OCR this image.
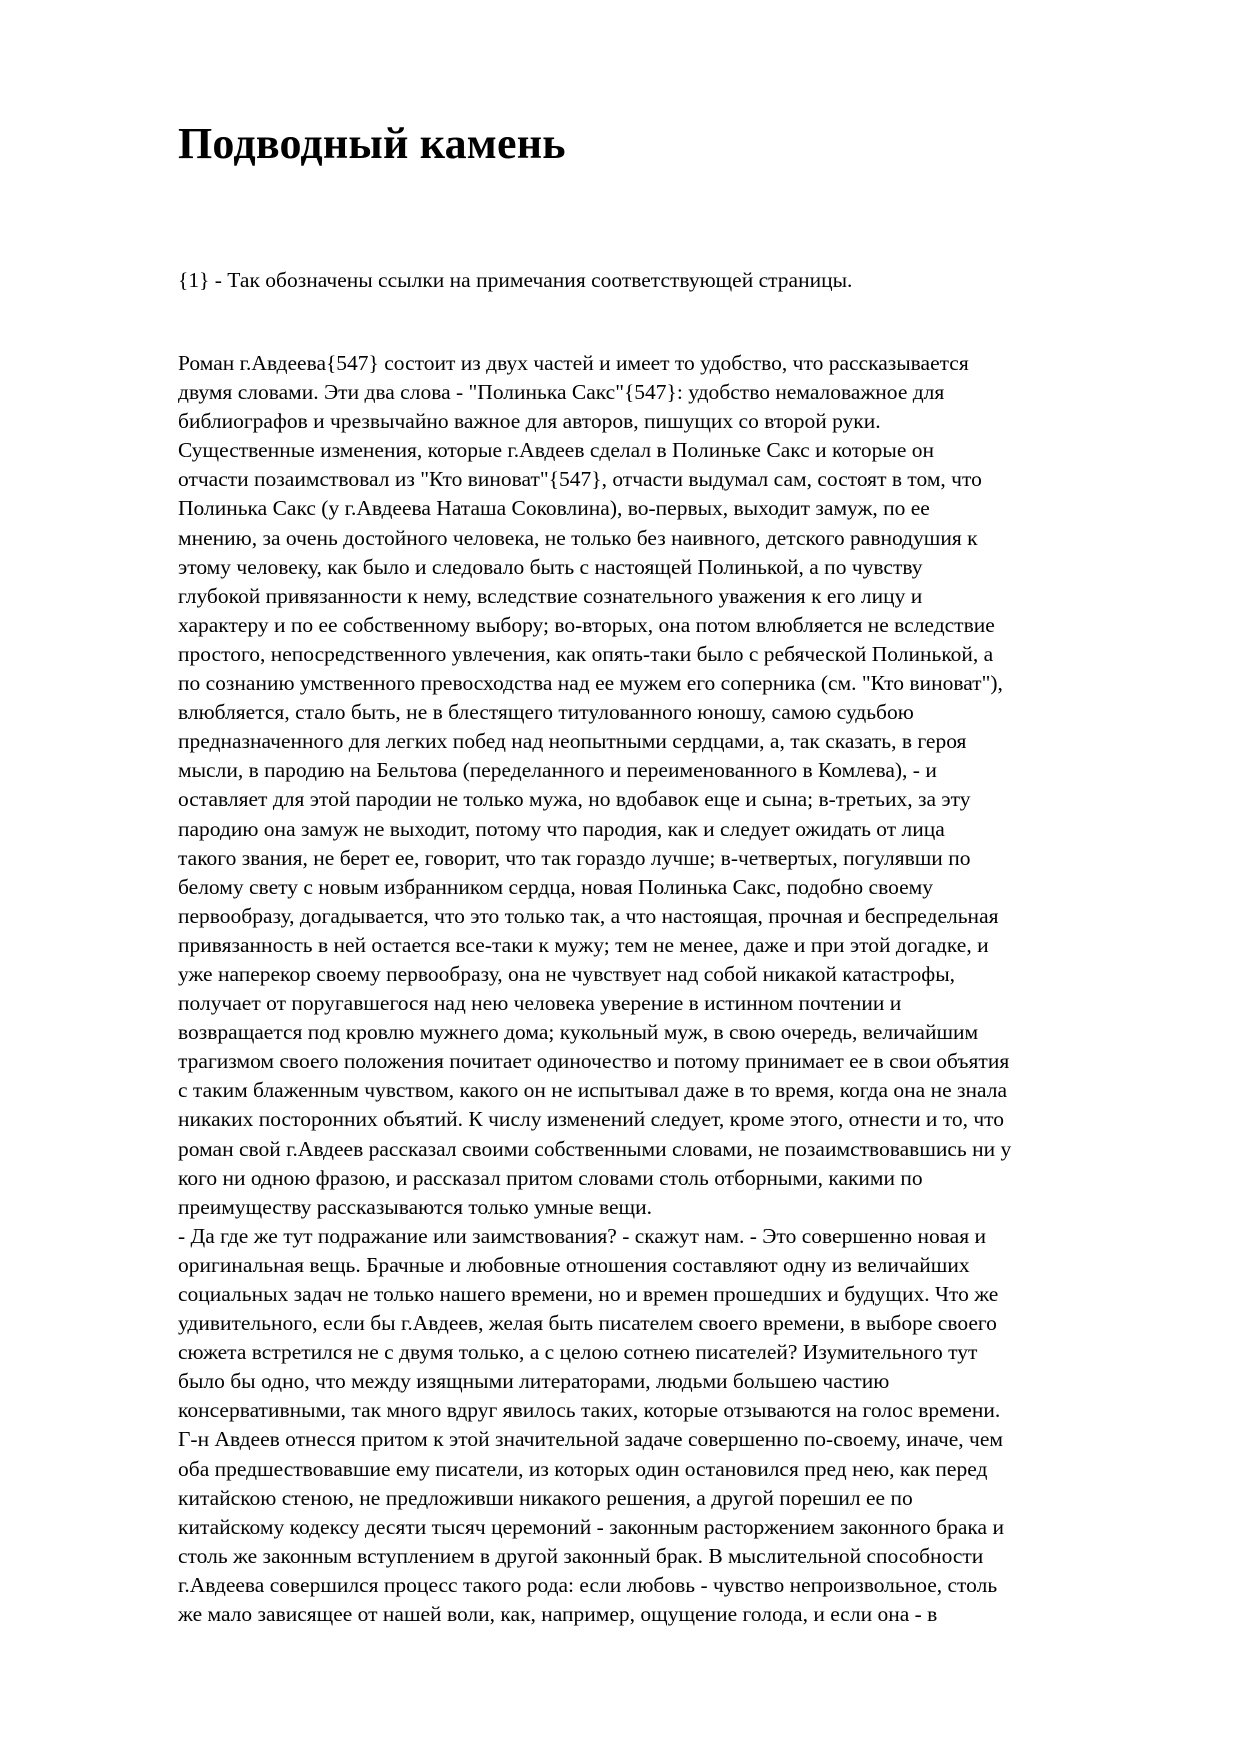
Подводный камень

{1} - Так обозначены ссылки на примечания соответствующей страницы.

Роман г.Авдеева{547} состоит из двух частей и имеет то удобство, что рассказывается
двумя словами. Эти два слова - "Полинька Сакс"{547}: удобство немаловажное для
библиографов и чрезвычайно важное для авторов, пишущих со второй руки.
Существенные изменения, которые г.Авдеев сделал в Полиньке Сакс и которые он
отчасти позаимствовал из "Кто виноват"{547}, отчасти выдумал сам, состоят в том, что
Полинька Сакс (у г.Авдеева Наташа Соковлина), во-первых, выходит замуж, по ее
мнению, за очень достойного человека, не только без наивного, детского равнодушия к
этому человеку, как было и следовало быть с настоящей Полинькой, а по чувству
глубокой привязанности к нему, вследствие сознательного уважения к его лицу и
характеру и по ее собственному выбору; во-вторых, она потом влюбляется не вследствие
простого, непосредственного увлечения, как опять-таки было с ребяческой Полинькой, а
по сознанию умственного превосходства над ее мужем его соперника (см. "Кто виноват"),
влюбляется, стало быть, не в блестящего титулованного юношу, самою судьбою
предназначенного для легких побед над неопытными сердцами, а, так сказать, в героя
мысли, в пародию на Бельтова (переделанного и переименованного в Комлева), - и
оставляет для этой пародии не только мужа, но вдобавок еще и сына; в-третьих, за эту
пародию она замуж не выходит, потому что пародия, как и следует ожидать от лица
такого звания, не берет ее, говорит, что так гораздо лучше; в-четвертых, погулявши по
белому свету с новым избранником сердца, новая Полинька Сакс, подобно своему
первообразу, догадывается, что это только так, а что настоящая, прочная и беспредельная
привязанность в ней остается все-таки к мужу; тем не менее, даже и при этой догадке, и
уже наперекор своему первообразу, она не чувствует над собой никакой катастрофы,
получает от поругавшегося над нею человека уверение в истинном почтении и
возвращается под кровлю мужнего дома; кукольный муж, в свою очередь, величайшим
трагизмом своего положения почитает одиночество и потому принимает ее в свои объятия
с таким блаженным чувством, какого он не испытывал даже в то время, когда она не знала
никаких посторонних объятий. К числу изменений следует, кроме этого, отнести и то, что
роман свой г.Авдеев рассказал своими собственными словами, не позаимствовавшись ни у
кого ни одною фразою, и рассказал притом словами столь отборными, какими по
преимуществу рассказываются только умные вещи.
- Да где же тут подражание или заимствования? - скажут нам. - Это совершенно новая и
оригинальная вещь. Брачные и любовные отношения составляют одну из величайших
социальных задач не только нашего времени, но и времен прошедших и будущих. Что же
удивительного, если бы г.Авдеев, желая быть писателем своего времени, в выборе своего
сюжета встретился не с двумя только, а с целою сотнею писателей? Изумительного тут
было бы одно, что между изящными литераторами, людьми большею частию
консервативными, так много вдруг явилось таких, которые отзываются на голос времени.
Г-н Авдеев отнесся притом к этой значительной задаче совершенно по-своему, иначе, чем
оба предшествовавшие ему писатели, из которых один остановился пред нею, как перед
китайскою стеною, не предложивши никакого решения, а другой порешил ее по
китайскому кодексу десяти тысяч церемоний - законным расторжением законного брака и
столь же законным вступлением в другой законный брак. В мыслительной способности
г.Авдеева совершился процесс такого рода: если любовь - чувство непроизвольное, столь
же мало зависящее от нашей воли, как, например, ощущение голода, и если она - в
